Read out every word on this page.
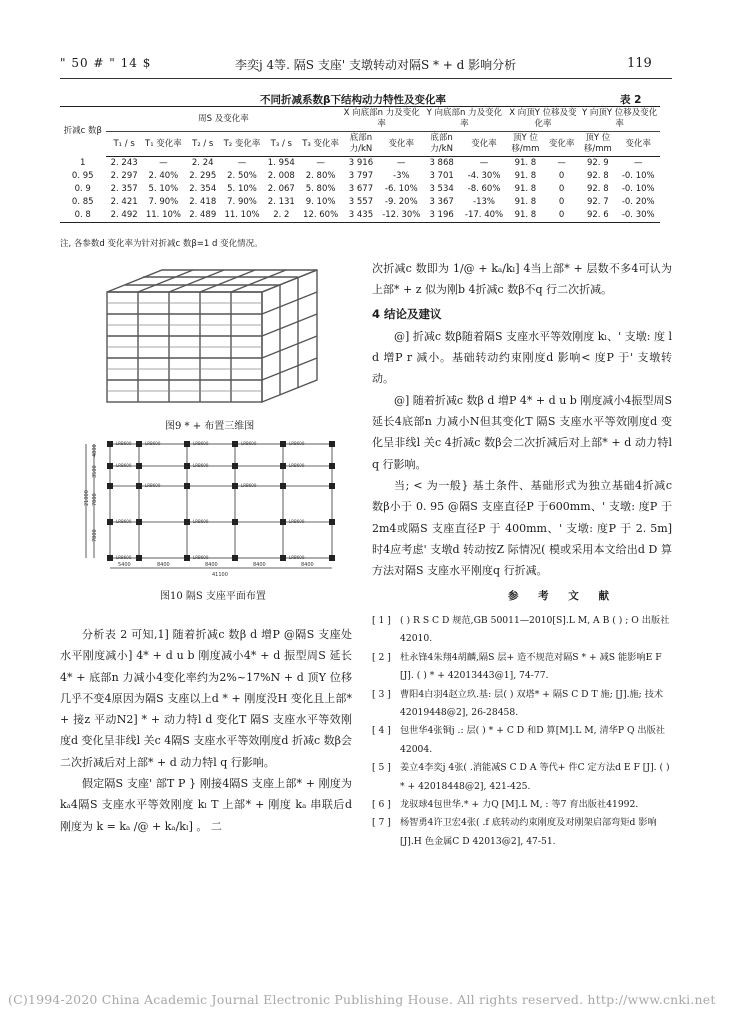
" 50 # " 14 $	李奕j 4等. 隔S 支座' 支墩转动对隔S * + d 影响分析	119
不同折减系数β下结构动力特性及变化率	表 2
折减c 数β	周S 及变化率						X 向底部n 力及变化率		Y 向底部n 力及变化率		X 向顶Y 位移及变化率		Y 向顶Y 位移及变化率	
	T₁ / s	T₁ 变化率	T₂ / s	T₂ 变化率	T₃ / s	T₃ 变化率	底部n 力/kN	变化率	底部n 力/kN	变化率	顶Y 位移/mm	变化率	顶Y 位移/mm	变化率
1	2. 243	—	2. 24	—	1. 954	—	3 916	—	3 868	—	91. 8	—	92. 9	—
0. 95	2. 297	2. 40%	2. 295	2. 50%	2. 008	2. 80%	3 797	-3%	3 701	-4. 30%	91. 8	0	92. 8	-0. 10%
0. 9	2. 357	5. 10%	2. 354	5. 10%	2. 067	5. 80%	3 677	-6. 10%	3 534	-8. 60%	91. 8	0	92. 8	-0. 10%
0. 85	2. 421	7. 90%	2. 418	7. 90%	2. 131	9. 10%	3 557	-9. 20%	3 367	-13%	91. 8	0	92. 7	-0. 20%
0. 8	2. 492	11. 10%	2. 489	11. 10%	2. 2	12. 60%	3 435	-12. 30%	3 196	-17. 40%	91. 8	0	92. 6	-0. 30%
注, 各参数d 变化率为针对折减c 数β=1 d 变化情况。
图9 * + 布置三维图
LRB600	LRB600	LRB600	LRB600	LRB600
LRB600	LRB600	LRB600
LRB600	LRB600
LRB600	LRB600	LRB600
LRB600	LRB600	LRB600
5400	8400	8400	8400	8400
41100
4800
3500
7800
7800
21000
图10 隔S 支座平面布置

分析表 2 可知,1] 随着折减c 数β d 增P @隔S 支座处水平刚度减小] 4* + d u b 刚度减小4* + d 振型周S 延长4* + 底部n 力减小4变化率约为2%~17%N + d 顶Y 位移几乎不变4原因为隔S 支座以上d * + 刚度没H 变化且上部* + 接z 平动N2] * + 动力特l d 变化T 隔S 支座水平等效刚度d 变化呈非线l 关c 4隔S 支座水平等效刚度d 折减c 数β会二次折减后对上部* + d 动力特l q 行影响。

假定隔S 支座' 部T P } 刚接4隔S 支座上部* + 刚度为 kₐ4隔S 支座水平等效刚度 kₗ T 上部* + 刚度 kₐ 串联后d 刚度为 k = kₐ /@ + kₐ/kₗ] 。 二

次折减c 数即为 1/@ + kₐ/kₗ] 4当上部* + 层数不多4可认为上部* + z 似为刚b 4折减c 数β不q 行二次折减。

4 结论及建议

@] 折减c 数β随着隔S 支座水平等效刚度 kₗ、' 支墩: 度 l d 增P r 减小。基础转动约束刚度d 影响< 度P 于' 支墩转动。

@] 随着折减c 数β d 增P 4* + d u b 刚度减小4振型周S 延长4底部n 力减小N但其变化T 隔S 支座水平等效刚度d 变化呈非线l 关c 4折减c 数β会二次折减后对上部* + d 动力特l q 行影响。

当; < 为一般} 基土条件、基础形式为独立基础4折减c 数β小于 0. 95 @隔S 支座直径P 于600mm、' 支墩: 度P 于 2m4或隔S 支座直径P 于 400mm、' 支墩: 度P 于 2. 5m] 时4应考虑' 支墩d 转动按Z 际情况( 模或采用本文给出d D 算方法对隔S 支座水平刚度q 行折减。

参 考 文 献
[ 1 ] ( ) R S C D 规范,GB 50011—2010[S].L M, A B ( ) ; O 出版社42010.
[ 2 ] 杜永锋4朱翔4胡麟,隔S 层+ 造不规范对隔S * + 减S 能影响E F [J]. ( ) * + 42013443@1], 74-77.
[ 3 ] 曹阳4白羽4赵立玖.基: 层( ) 双塔* + 隔S C D T 施; [J].施; 技术42019448@2], 26-28458.
[ 4 ] 包世华4张铜j .: 层( ) * + C D 和D 算[M].L M, 清华P Q 出版社42004.
[ 5 ] 姜立4李奕j 4张( .消能减S C D A 等代+ 件C 定方法d E F [J]. ( ) * + 42018448@2], 421-425.
[ 6 ] 龙驭球4包世华.* + 力Q [M].L M, : 等7 育出版社41992.
[ 7 ] 杨智勇4许卫宏4张( .f 底转动约束刚度及对刚架启部弯矩d 影响[J].H 色金属C D 42013@2], 47-51.
(C)1994-2020 China Academic Journal Electronic Publishing House. All rights reserved. http://www.cnki.net
